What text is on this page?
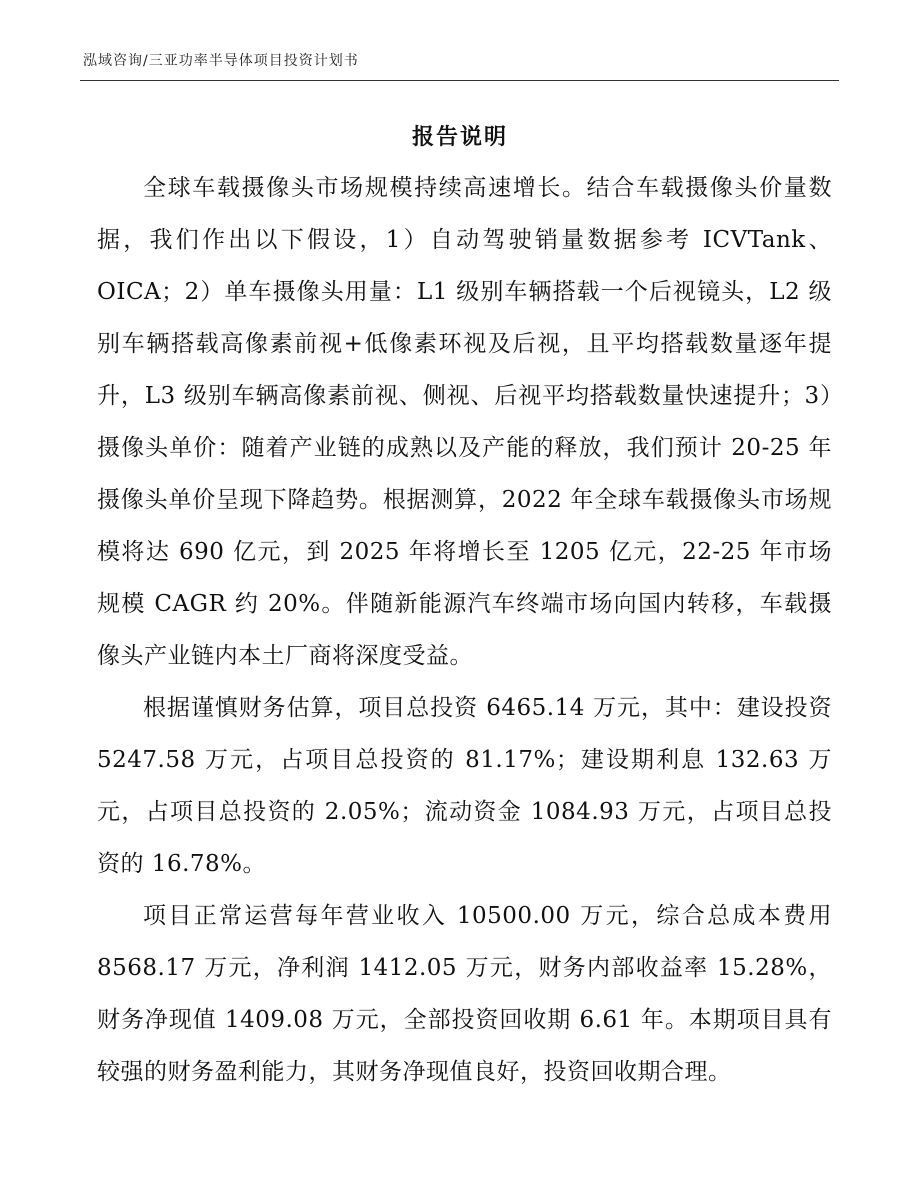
泓域咨询/三亚功率半导体项目投资计划书
报告说明

全球车载摄像头市场规模持续高速增长。结合车载摄像头价量数据，我们作出以下假设，1）自动驾驶销量数据参考 ICVTank、OICA；2）单车摄像头用量：L1 级别车辆搭载一个后视镜头，L2 级别车辆搭载高像素前视+低像素环视及后视，且平均搭载数量逐年提升，L3 级别车辆高像素前视、侧视、后视平均搭载数量快速提升；3）摄像头单价：随着产业链的成熟以及产能的释放，我们预计 20-25 年摄像头单价呈现下降趋势。根据测算，2022 年全球车载摄像头市场规模将达 690 亿元，到 2025 年将增长至 1205 亿元，22-25 年市场规模 CAGR 约 20%。伴随新能源汽车终端市场向国内转移，车载摄像头产业链内本土厂商将深度受益。

根据谨慎财务估算，项目总投资 6465.14 万元，其中：建设投资 5247.58 万元，占项目总投资的 81.17%；建设期利息 132.63 万元，占项目总投资的 2.05%；流动资金 1084.93 万元，占项目总投资的 16.78%。

项目正常运营每年营业收入 10500.00 万元，综合总成本费用 8568.17 万元，净利润 1412.05 万元，财务内部收益率 15.28%，财务净现值 1409.08 万元，全部投资回收期 6.61 年。本期项目具有较强的财务盈利能力，其财务净现值良好，投资回收期合理。
